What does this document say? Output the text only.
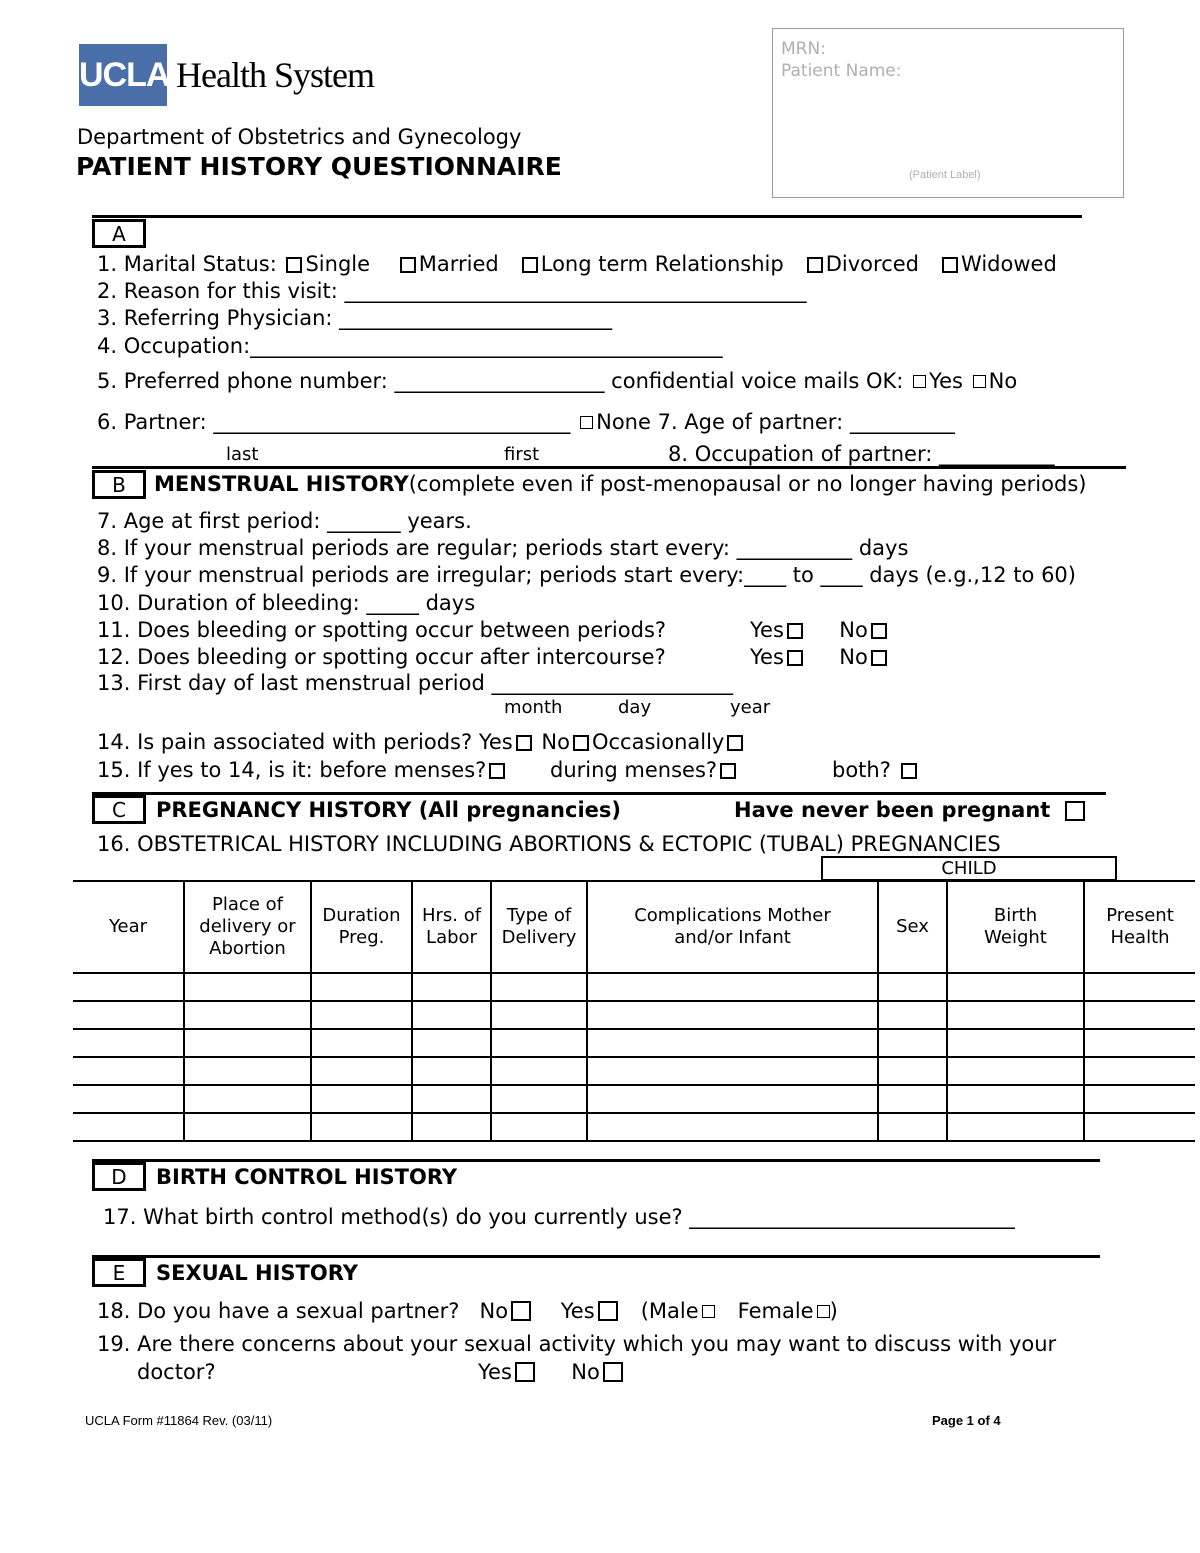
UCLA Health System
MRN:
Patient Name:
(Patient Label)
Department of Obstetrics and Gynecology
PATIENT HISTORY QUESTIONNAIRE
A
1. Marital Status: Single Married Long term Relationship Divorced Widowed
2. Reason for this visit: ____________________________________________
3. Referring Physician: __________________________
4. Occupation:_____________________________________________
5. Preferred phone number: ____________________ confidential voice mails OK: Yes No
6. Partner: __________________________________ None 7. Age of partner: __________
last	first	8. Occupation of partner: ___________
B	MENSTRUAL HISTORY(complete even if post-menopausal or no longer having periods)
7. Age at first period: _______ years.
8. If your menstrual periods are regular; periods start every: ___________ days
9. If your menstrual periods are irregular; periods start every:____ to ____ days (e.g.,12 to 60)
10. Duration of bleeding: _____ days
11. Does bleeding or spotting occur between periods?	Yes	No
12. Does bleeding or spotting occur after intercourse?	Yes	No
13. First day of last menstrual period _______________________
month	day	year
14. Is pain associated with periods? Yes No Occasionally
15. If yes to 14, is it: before menses?	during menses?	both?
C	PREGNANCY HISTORY (All pregnancies)	Have never been pregnant
16. OBSTETRICAL HISTORY INCLUDING ABORTIONS & ECTOPIC (TUBAL) PREGNANCIES
CHILD
Year	Place of delivery or Abortion	Duration Preg.	Hrs. of Labor	Type of Delivery	Complications Mother and/or Infant	Sex	Birth Weight	Present Health

D	BIRTH CONTROL HISTORY
17. What birth control method(s) do you currently use? _______________________________
E	SEXUAL HISTORY
18. Do you have a sexual partner? No	Yes (Male Female )
19. Are there concerns about your sexual activity which you may want to discuss with your
doctor?	Yes	No
UCLA Form #11864 Rev. (03/11)	Page 1 of 4
